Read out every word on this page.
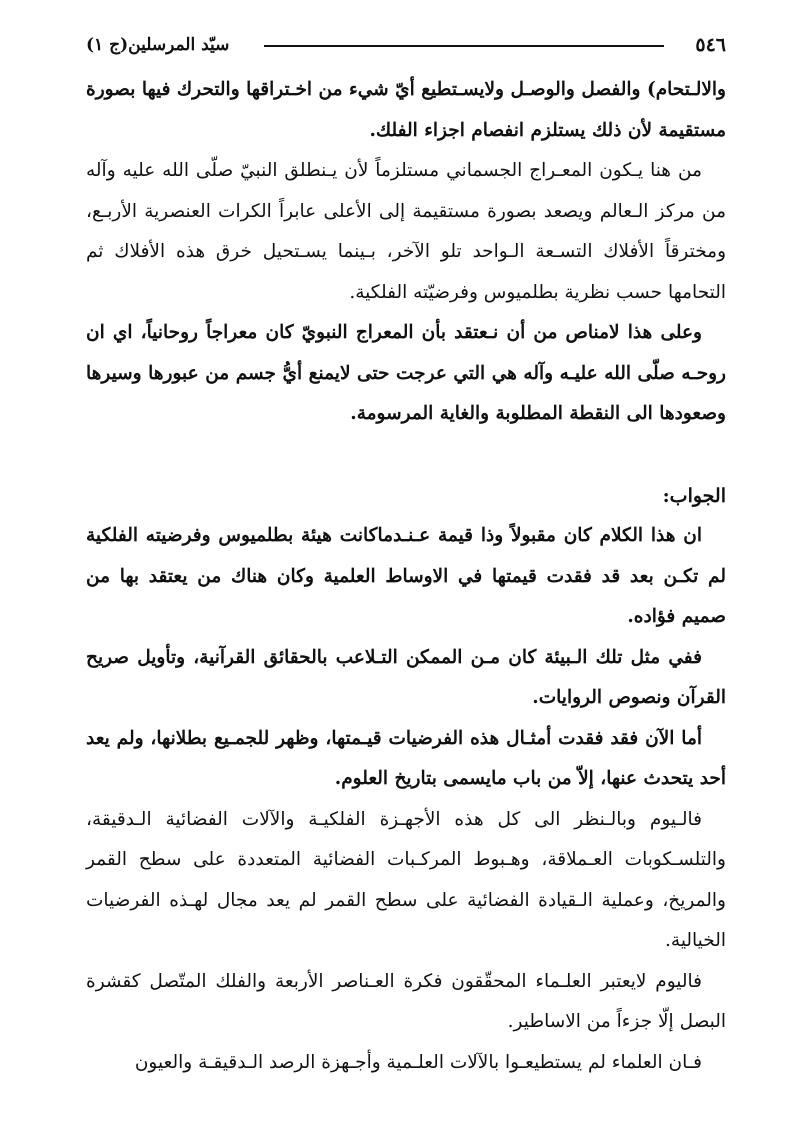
٥٤٦
سيّد المرسلين(ج ١)

والالـتحام) والفصل والوصـل ولايسـتطيع أيّ شيء من اخـتراقها والتحرك فيها بصورة مستقيمة لأن ذلك يستلزم انفصام اجزاء الفلك.

من هنا يـكون المعـراج الجسماني مستلزماً لأن يـنطلق النبيّ صلّى الله عليه وآله من مركز الـعالم ويصعد بصورة مستقيمة إلى الأعلى عابراً الكرات العنصرية الأربـع، ومخترقاً الأفلاك التسـعة الـواحد تلو الآخر، بـينما يسـتحيل خرق هذه الأفلاك ثم التحامها حسب نظرية بطلميوس وفرضيّته الفلكية.

وعلى هذا لامناص من أن نـعتقد بأن المعراج النبويّ كان معراجاً روحانياً، اي ان روحـه صلّى الله عليـه وآله هي التي عرجت حتى لايمنع أيُّ جسم من عبورها وسيرها وصعودها الى النقطة المطلوبة والغاية المرسومة.

الجواب:

ان هذا الكلام كان مقبولاً وذا قيمة عـنـدماكانت هيئة بطلميوس وفرضيته الفلكية لم تكـن بعد قد فقدت قيمتها في الاوساط العلمية وكان هناك من يعتقد بها من صميم فؤاده.

ففي مثل تلك الـبيئة كان مـن الممكن التـلاعب بالحقائق القرآنية، وتأويل صريح القرآن ونصوص الروايات.

أما الآن فقد فقدت أمثـال هذه الفرضيات قيـمتها، وظهر للجمـيع بطلانها، ولم يعد أحد يتحدث عنها، إلاّ من باب مايسمى بتاريخ العلوم.

فالـيوم وبالـنظر الى كل هذه الأجهـزة الفلكيـة والآلات الفضائية الـدقيقة، والتلسـكوبات العـملاقة، وهـبوط المركـبات الفضائية المتعددة على سطح القمر والمريخ، وعملية الـقيادة الفضائية على سطح القمر لم يعد مجال لهـذه الفرضيات الخيالية.

فاليوم لايعتبر العلـماء المحقّقون فكرة العـناصر الأربعة والفلك المتّصل كقشرة البصل إلّا جزءاً من الاساطير.

فـان العلماء لم يستطيعـوا بالآلات العلـمية وأجـهزة الرصد الـدقيقـة والعيون
